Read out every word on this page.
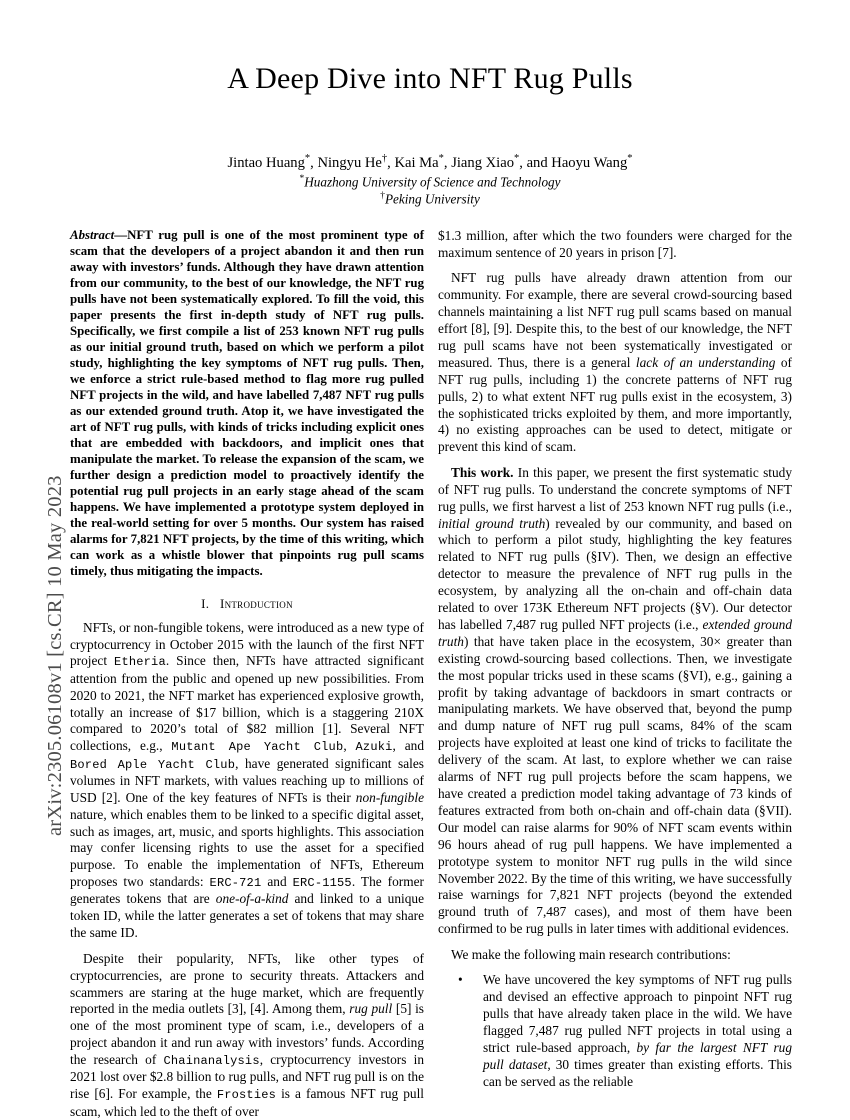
arXiv:2305.06108v1 [cs.CR] 10 May 2023
A Deep Dive into NFT Rug Pulls
Jintao Huang*, Ningyu He†, Kai Ma*, Jiang Xiao*, and Haoyu Wang*
*Huazhong University of Science and Technology
†Peking University

Abstract—NFT rug pull is one of the most prominent type of scam that the developers of a project abandon it and then run away with investors’ funds. Although they have drawn attention from our community, to the best of our knowledge, the NFT rug pulls have not been systematically explored. To fill the void, this paper presents the first in-depth study of NFT rug pulls. Specifically, we first compile a list of 253 known NFT rug pulls as our initial ground truth, based on which we perform a pilot study, highlighting the key symptoms of NFT rug pulls. Then, we enforce a strict rule-based method to flag more rug pulled NFT projects in the wild, and have labelled 7,487 NFT rug pulls as our extended ground truth. Atop it, we have investigated the art of NFT rug pulls, with kinds of tricks including explicit ones that are embedded with backdoors, and implicit ones that manipulate the market. To release the expansion of the scam, we further design a prediction model to proactively identify the potential rug pull projects in an early stage ahead of the scam happens. We have implemented a prototype system deployed in the real-world setting for over 5 months. Our system has raised alarms for 7,821 NFT projects, by the time of this writing, which can work as a whistle blower that pinpoints rug pull scams timely, thus mitigating the impacts.

I. Introduction

NFTs, or non-fungible tokens, were introduced as a new type of cryptocurrency in October 2015 with the launch of the first NFT project Etheria. Since then, NFTs have attracted significant attention from the public and opened up new possibilities. From 2020 to 2021, the NFT market has experienced explosive growth, totally an increase of $17 billion, which is a staggering 210X compared to 2020’s total of $82 million [1]. Several NFT collections, e.g., Mutant Ape Yacht Club, Azuki, and Bored Aple Yacht Club, have generated significant sales volumes in NFT markets, with values reaching up to millions of USD [2]. One of the key features of NFTs is their non-fungible nature, which enables them to be linked to a specific digital asset, such as images, art, music, and sports highlights. This association may confer licensing rights to use the asset for a specified purpose. To enable the implementation of NFTs, Ethereum proposes two standards: ERC-721 and ERC-1155. The former generates tokens that are one-of-a-kind and linked to a unique token ID, while the latter generates a set of tokens that may share the same ID.

Despite their popularity, NFTs, like other types of cryptocurrencies, are prone to security threats. Attackers and scammers are staring at the huge market, which are frequently reported in the media outlets [3], [4]. Among them, rug pull [5] is one of the most prominent type of scam, i.e., developers of a project abandon it and run away with investors’ funds. According the research of Chainanalysis, cryptocurrency investors in 2021 lost over $2.8 billion to rug pulls, and NFT rug pull is on the rise [6]. For example, the Frosties is a famous NFT rug pull scam, which led to the theft of over

$1.3 million, after which the two founders were charged for the maximum sentence of 20 years in prison [7].

NFT rug pulls have already drawn attention from our community. For example, there are several crowd-sourcing based channels maintaining a list NFT rug pull scams based on manual effort [8], [9]. Despite this, to the best of our knowledge, the NFT rug pull scams have not been systematically investigated or measured. Thus, there is a general lack of an understanding of NFT rug pulls, including 1) the concrete patterns of NFT rug pulls, 2) to what extent NFT rug pulls exist in the ecosystem, 3) the sophisticated tricks exploited by them, and more importantly, 4) no existing approaches can be used to detect, mitigate or prevent this kind of scam.

This work. In this paper, we present the first systematic study of NFT rug pulls. To understand the concrete symptoms of NFT rug pulls, we first harvest a list of 253 known NFT rug pulls (i.e., initial ground truth) revealed by our community, and based on which to perform a pilot study, highlighting the key features related to NFT rug pulls (§IV). Then, we design an effective detector to measure the prevalence of NFT rug pulls in the ecosystem, by analyzing all the on-chain and off-chain data related to over 173K Ethereum NFT projects (§V). Our detector has labelled 7,487 rug pulled NFT projects (i.e., extended ground truth) that have taken place in the ecosystem, 30× greater than existing crowd-sourcing based collections. Then, we investigate the most popular tricks used in these scams (§VI), e.g., gaining a profit by taking advantage of backdoors in smart contracts or manipulating markets. We have observed that, beyond the pump and dump nature of NFT rug pull scams, 84% of the scam projects have exploited at least one kind of tricks to facilitate the delivery of the scam. At last, to explore whether we can raise alarms of NFT rug pull projects before the scam happens, we have created a prediction model taking advantage of 73 kinds of features extracted from both on-chain and off-chain data (§VII). Our model can raise alarms for 90% of NFT scam events within 96 hours ahead of rug pull happens. We have implemented a prototype system to monitor NFT rug pulls in the wild since November 2022. By the time of this writing, we have successfully raise warnings for 7,821 NFT projects (beyond the extended ground truth of 7,487 cases), and most of them have been confirmed to be rug pulls in later times with additional evidences.

We make the following main research contributions:

• We have uncovered the key symptoms of NFT rug pulls and devised an effective approach to pinpoint NFT rug pulls that have already taken place in the wild. We have flagged 7,487 rug pulled NFT projects in total using a strict rule-based approach, by far the largest NFT rug pull dataset, 30 times greater than existing efforts. This can be served as the reliable
